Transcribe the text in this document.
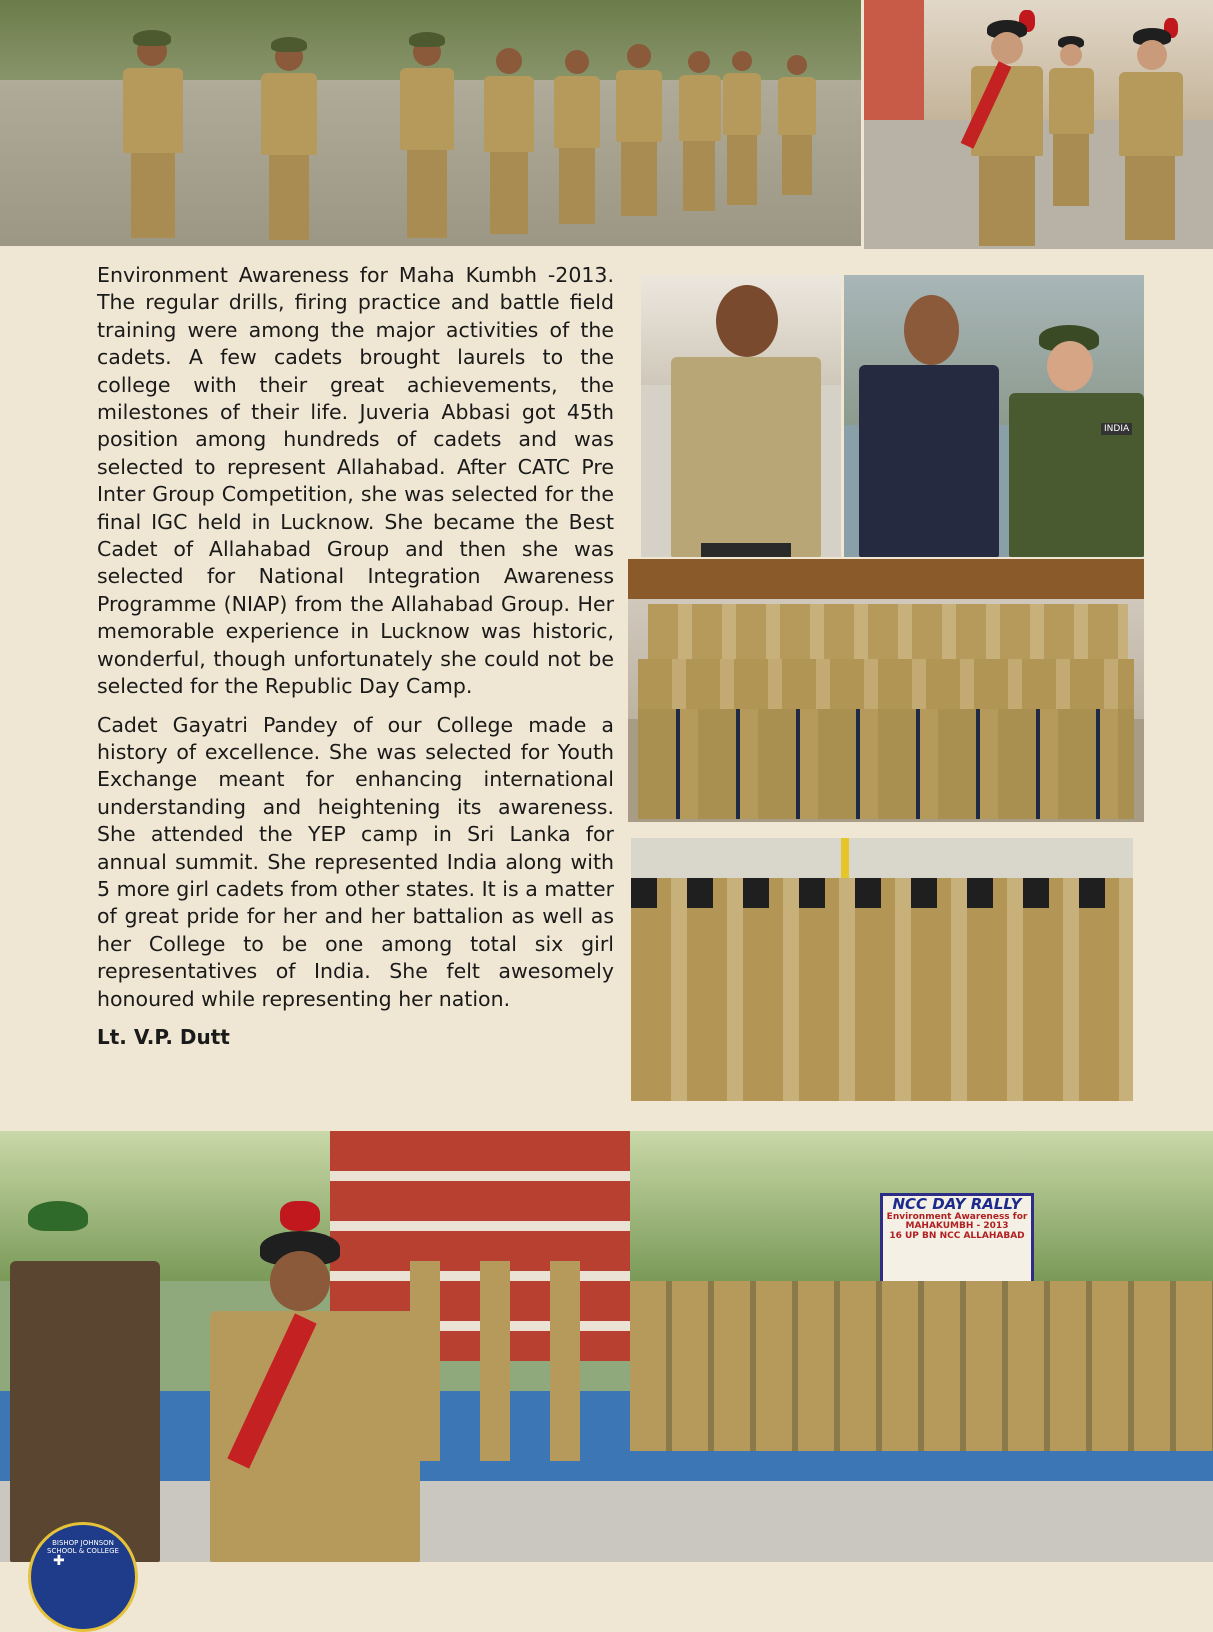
Environment Awareness for Maha Kumbh -2013. The regular drills, firing practice and battle field training were among the major activities of the cadets. A few cadets brought laurels to the college with their great achievements, the milestones of their life. Juveria Abbasi got 45th position among hundreds of cadets and was selected to represent Allahabad. After CATC Pre Inter Group Competition, she was selected for the final IGC held in Lucknow. She became the Best Cadet of Allahabad Group and then she was selected for National Integration Awareness Programme (NIAP) from the Allahabad Group. Her memorable experience in Lucknow was historic, wonderful, though unfortunately she could not be selected for the Republic Day Camp.

Cadet Gayatri Pandey of our College made a history of excellence. She was selected for Youth Exchange meant for enhancing international understanding and heightening its awareness. She attended the YEP camp in Sri Lanka for annual summit. She represented India along with 5 more girl cadets from other states. It is a matter of great pride for her and her battalion as well as her College to be one among total six girl representatives of India. She felt awesomely honoured while representing her nation.

Lt. V.P. Dutt
INDIA
NCC DAY RALLY
Environment Awareness for
MAHAKUMBH - 2013
16 UP BN NCC ALLAHABAD
BISHOP JOHNSON SCHOOL & COLLEGE
✚
